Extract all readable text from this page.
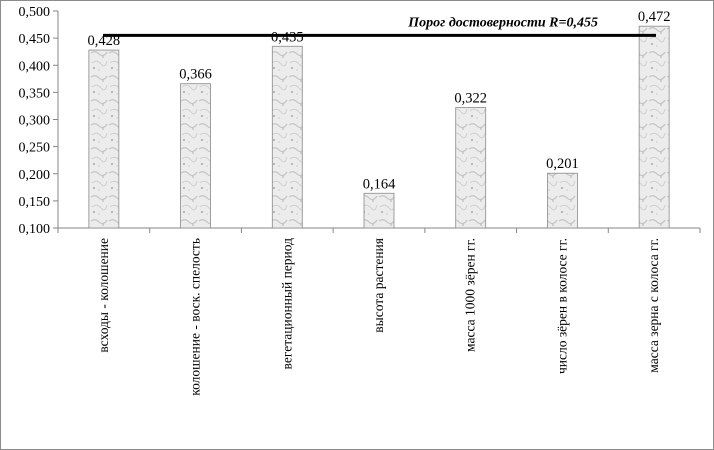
0,100
0,150
0,200
0,250
0,300
0,350
0,400
0,450
0,500
0,428
всходы - колошение
0,366
колошение - воск. спелость
0,435
вегетационный период
0,164
высота растения
0,322
масса 1000 зёрен гг.
0,201
число зёрен в колосе гг.
0,472
масса зерна с колоса гг.
Порог достоверности R=0,455
